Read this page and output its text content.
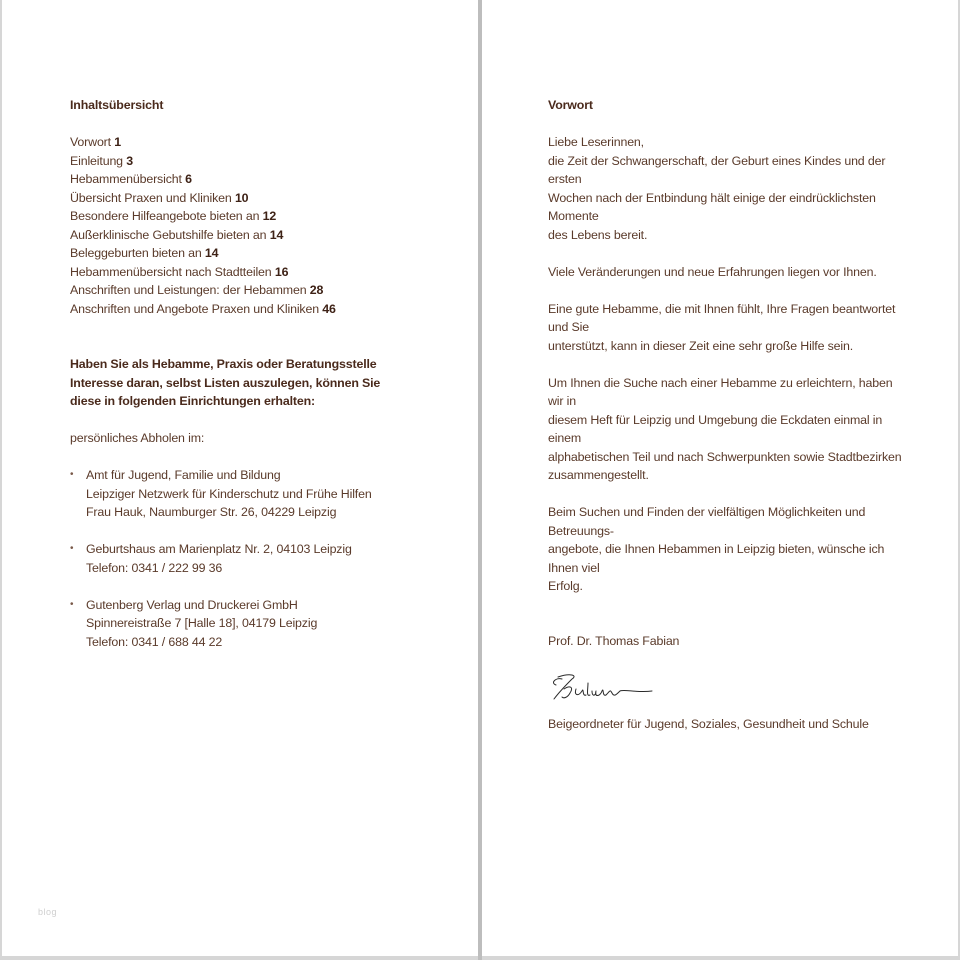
Inhaltsübersicht
Vorwort 1
Einleitung 3
Hebammenübersicht 6
Übersicht Praxen und Kliniken 10
Besondere Hilfeangebote bieten an 12
Außerklinische Gebutshilfe bieten an 14
Beleggeburten bieten an 14
Hebammenübersicht nach Stadtteilen 16
Anschriften und Leistungen: der Hebammen 28
Anschriften und Angebote Praxen und Kliniken 46
Haben Sie als Hebamme, Praxis oder Beratungsstelle
Interesse daran, selbst Listen auszulegen, können Sie
diese in folgenden Einrichtungen erhalten:

persönliches Abholen im:

• Amt für Jugend, Familie und Bildung
Leipziger Netzwerk für Kinderschutz und Frühe Hilfen
Frau Hauk, Naumburger Str. 26, 04229 Leipzig
• Geburtshaus am Marienplatz Nr. 2, 04103 Leipzig
Telefon: 0341 / 222 99 36
• Gutenberg Verlag und Druckerei GmbH
Spinnereistraße 7 [Halle 18], 04179 Leipzig
Telefon: 0341 / 688 44 22
blog
Vorwort

Liebe Leserinnen,
die Zeit der Schwangerschaft, der Geburt eines Kindes und der ersten
Wochen nach der Entbindung hält einige der eindrücklichsten Momente
des Lebens bereit.

Viele Veränderungen und neue Erfahrungen liegen vor Ihnen.

Eine gute Hebamme, die mit Ihnen fühlt, Ihre Fragen beantwortet und Sie
unterstützt, kann in dieser Zeit eine sehr große Hilfe sein.

Um Ihnen die Suche nach einer Hebamme zu erleichtern, haben wir in
diesem Heft für Leipzig und Umgebung die Eckdaten einmal in einem
alphabetischen Teil und nach Schwerpunkten sowie Stadtbezirken
zusammengestellt.

Beim Suchen und Finden der vielfältigen Möglichkeiten und Betreuungs-
angebote, die Ihnen Hebammen in Leipzig bieten, wünsche ich Ihnen viel
Erfolg.

Prof. Dr. Thomas Fabian

Beigeordneter für Jugend, Soziales, Gesundheit und Schule
